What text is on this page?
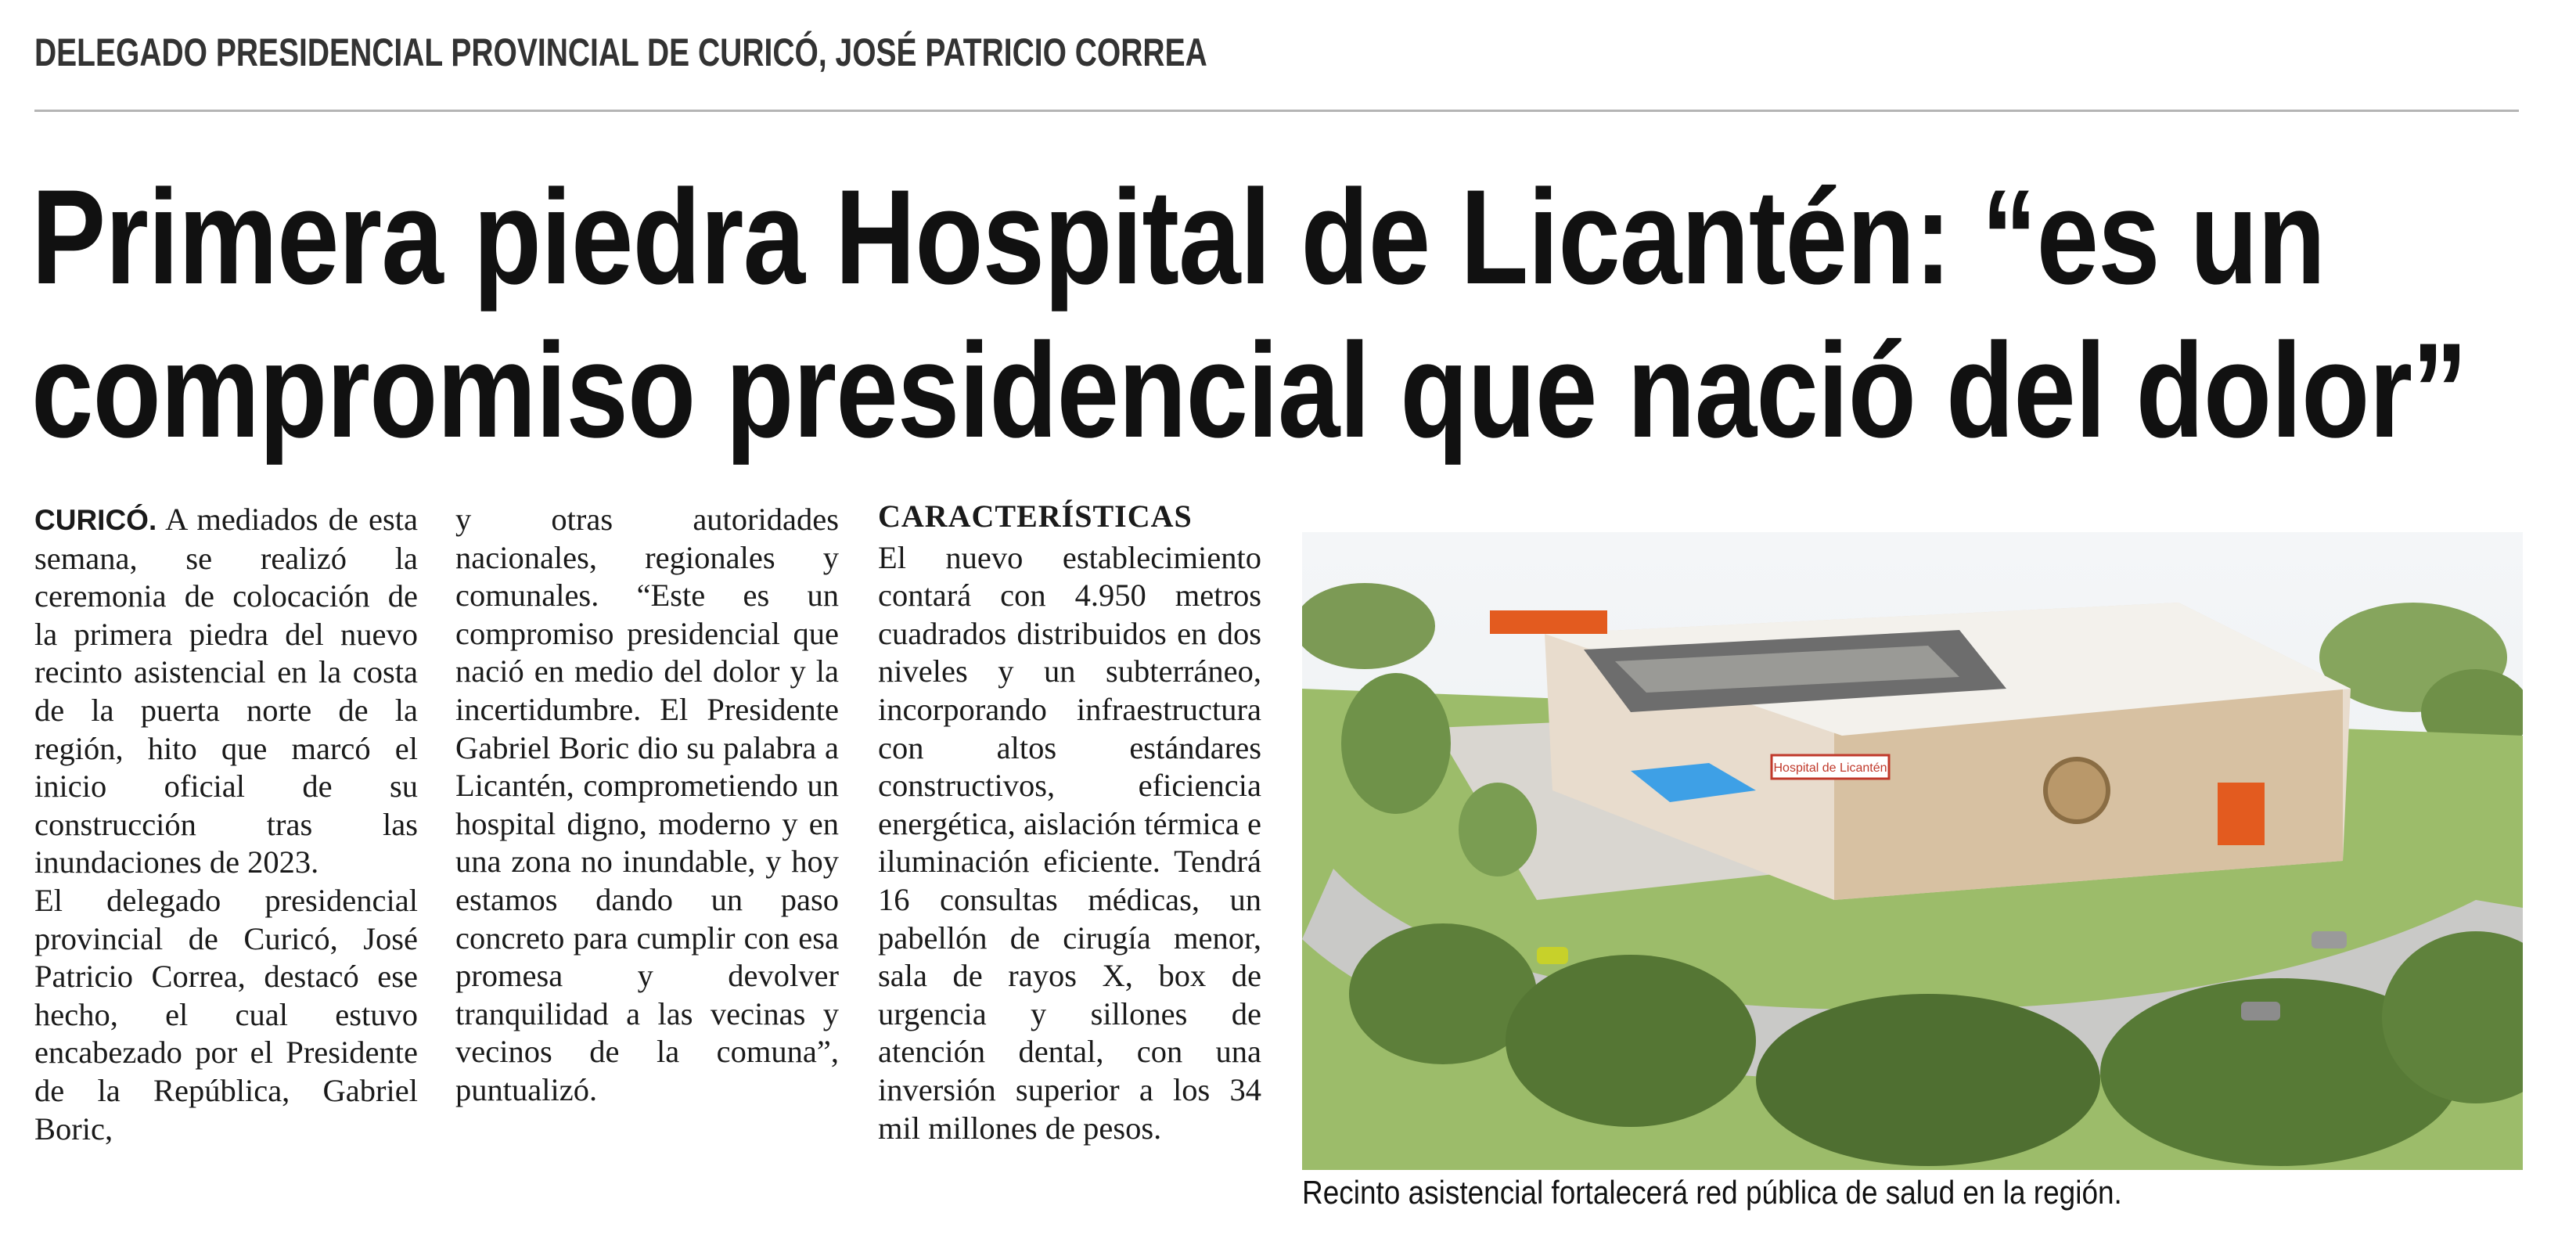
DELEGADO PRESIDENCIAL PROVINCIAL DE CURICÓ, JOSÉ PATRICIO CORREA
Primera piedra Hospital de Licantén: “es un
compromiso presidencial que nació del dolor”

CURICÓ. A mediados de esta semana, se realizó la ceremonia de colocación de la primera piedra del nuevo recinto asistencial en la costa de la puerta norte de la región, hito que marcó el inicio oficial de su construcción tras las inundaciones de 2023.

El delegado presidencial provincial de Curicó, José Patricio Correa, destacó ese hecho, el cual estuvo encabezado por el Presidente de la República, Gabriel Boric,

y otras autoridades nacionales, regionales y comunales. “Este es un compromiso presidencial que nació en medio del dolor y la incertidumbre. El Presidente Gabriel Boric dio su palabra a Licantén, comprometiendo un hospital digno, moderno y en una zona no inundable, y hoy estamos dando un paso concreto para cumplir con esa promesa y devolver tranquilidad a las vecinas y vecinos de la comuna”, puntualizó.

CARACTERÍSTICAS

El nuevo establecimiento contará con 4.950 metros cuadrados distribuidos en dos niveles y un subterráneo, incorporando infraestructura con altos estándares constructivos, eficiencia energética, aislación térmica e iluminación eficiente. Tendrá 16 consultas médicas, un pabellón de cirugía menor, sala de rayos X, box de urgencia y sillones de atención dental, con una inversión superior a los 34 mil millones de pesos.

Hospital de Licantén
Recinto asistencial fortalecerá red pública de salud en la región.
